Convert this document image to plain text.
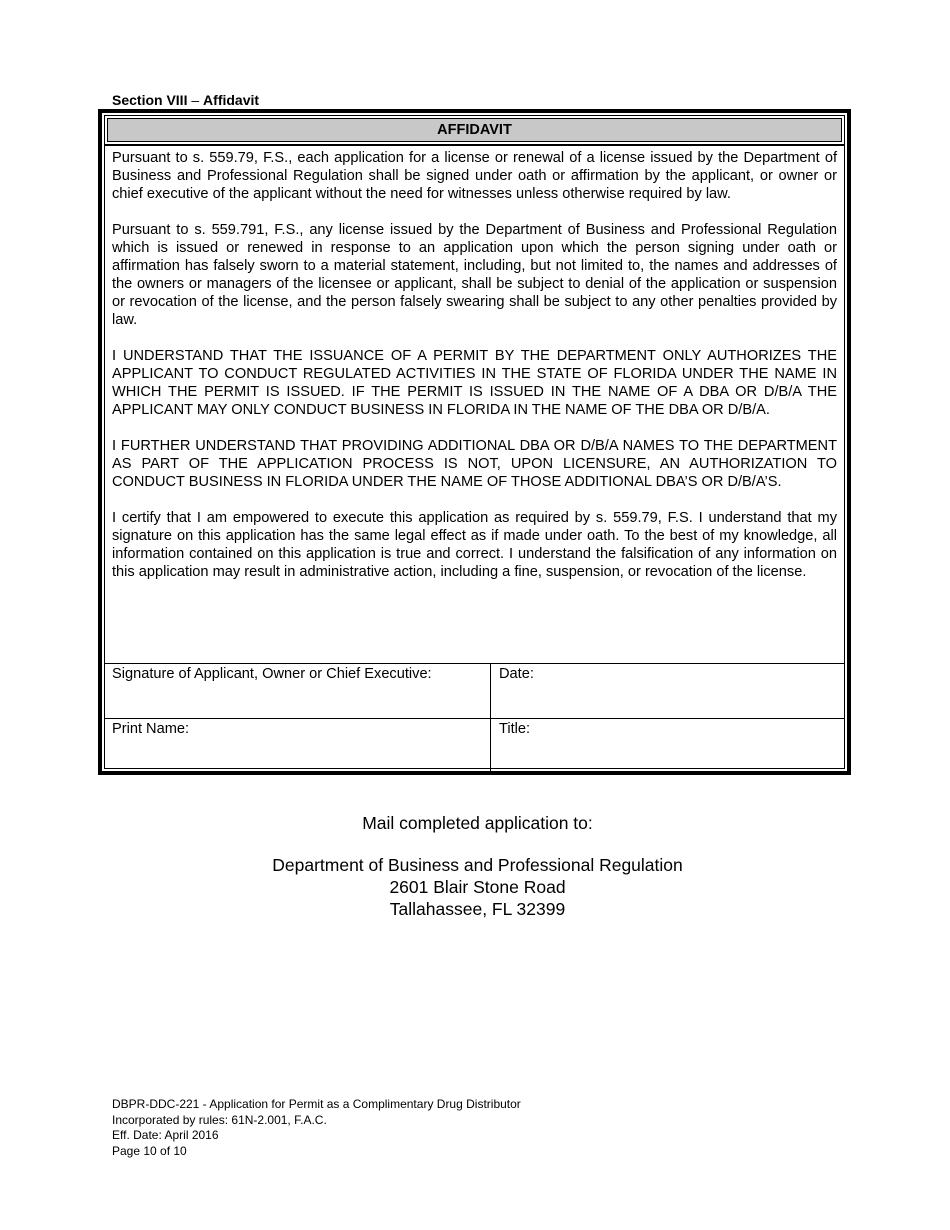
Section VIII – Affidavit
AFFIDAVIT

Pursuant to s. 559.79, F.S., each application for a license or renewal of a license issued by the Department of Business and Professional Regulation shall be signed under oath or affirmation by the applicant, or owner or chief executive of the applicant without the need for witnesses unless otherwise required by law.

Pursuant to s. 559.791, F.S., any license issued by the Department of Business and Professional Regulation which is issued or renewed in response to an application upon which the person signing under oath or affirmation has falsely sworn to a material statement, including, but not limited to, the names and addresses of the owners or managers of the licensee or applicant, shall be subject to denial of the application or suspension or revocation of the license, and the person falsely swearing shall be subject to any other penalties provided by law.

I UNDERSTAND THAT THE ISSUANCE OF A PERMIT BY THE DEPARTMENT ONLY AUTHORIZES THE APPLICANT TO CONDUCT REGULATED ACTIVITIES IN THE STATE OF FLORIDA UNDER THE NAME IN WHICH THE PERMIT IS ISSUED. IF THE PERMIT IS ISSUED IN THE NAME OF A DBA OR D/B/A THE APPLICANT MAY ONLY CONDUCT BUSINESS IN FLORIDA IN THE NAME OF THE DBA OR D/B/A.

I FURTHER UNDERSTAND THAT PROVIDING ADDITIONAL DBA OR D/B/A NAMES TO THE DEPARTMENT AS PART OF THE APPLICATION PROCESS IS NOT, UPON LICENSURE, AN AUTHORIZATION TO CONDUCT BUSINESS IN FLORIDA UNDER THE NAME OF THOSE ADDITIONAL DBA’S OR D/B/A’S.

I certify that I am empowered to execute this application as required by s. 559.79, F.S. I understand that my signature on this application has the same legal effect as if made under oath. To the best of my knowledge, all information contained on this application is true and correct. I understand the falsification of any information on this application may result in administrative action, including a fine, suspension, or revocation of the license.

Signature of Applicant, Owner or Chief Executive:	Date:
Print Name:	Title:
Mail completed application to:
Department of Business and Professional Regulation
2601 Blair Stone Road
Tallahassee, FL 32399
DBPR-DDC-221 - Application for Permit as a Complimentary Drug Distributor
Incorporated by rules: 61N-2.001, F.A.C.
Eff. Date: April 2016
Page 10 of 10
